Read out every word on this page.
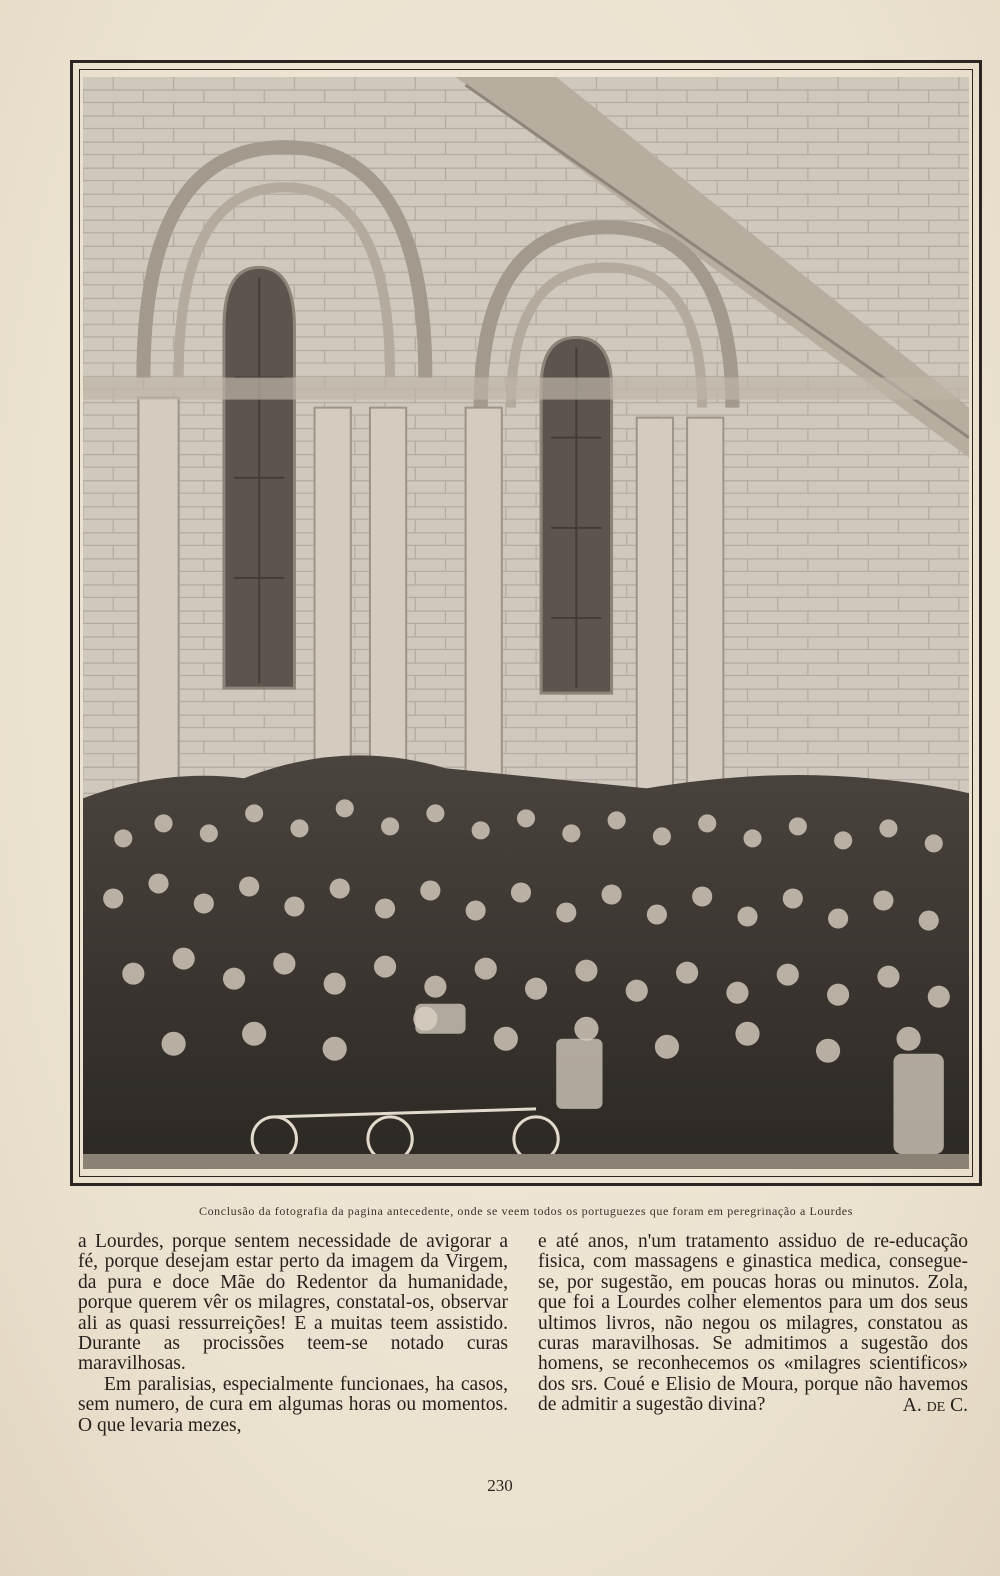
Conclusão da fotografia da pagina antecedente, onde se veem todos os portuguezes que foram em peregrinação a Lourdes

a Lourdes, porque sentem necessidade de avigorar a fé, porque desejam estar perto da imagem da Virgem, da pura e doce Mãe do Redentor da humanidade, porque querem vêr os milagres, constatal-os, observar ali as quasi ressurreições! E a muitas teem assistido. Durante as procissões teem-se notado curas maravilhosas.

Em paralisias, especialmente funcionaes, ha casos, sem numero, de cura em algumas horas ou momentos. O que levaria mezes,

e até anos, n'um tratamento assiduo de re-educação fisica, com massagens e ginastica medica, consegue-se, por sugestão, em poucas horas ou minutos. Zola, que foi a Lourdes colher elementos para um dos seus ultimos livros, não negou os milagres, constatou as curas maravilhosas. Se admitimos a sugestão dos homens, se reconhecemos os «milagres scientificos» dos srs. Coué e Elisio de Moura, porque não havemos de admitir a sugestão divina?	A. de C.
230
